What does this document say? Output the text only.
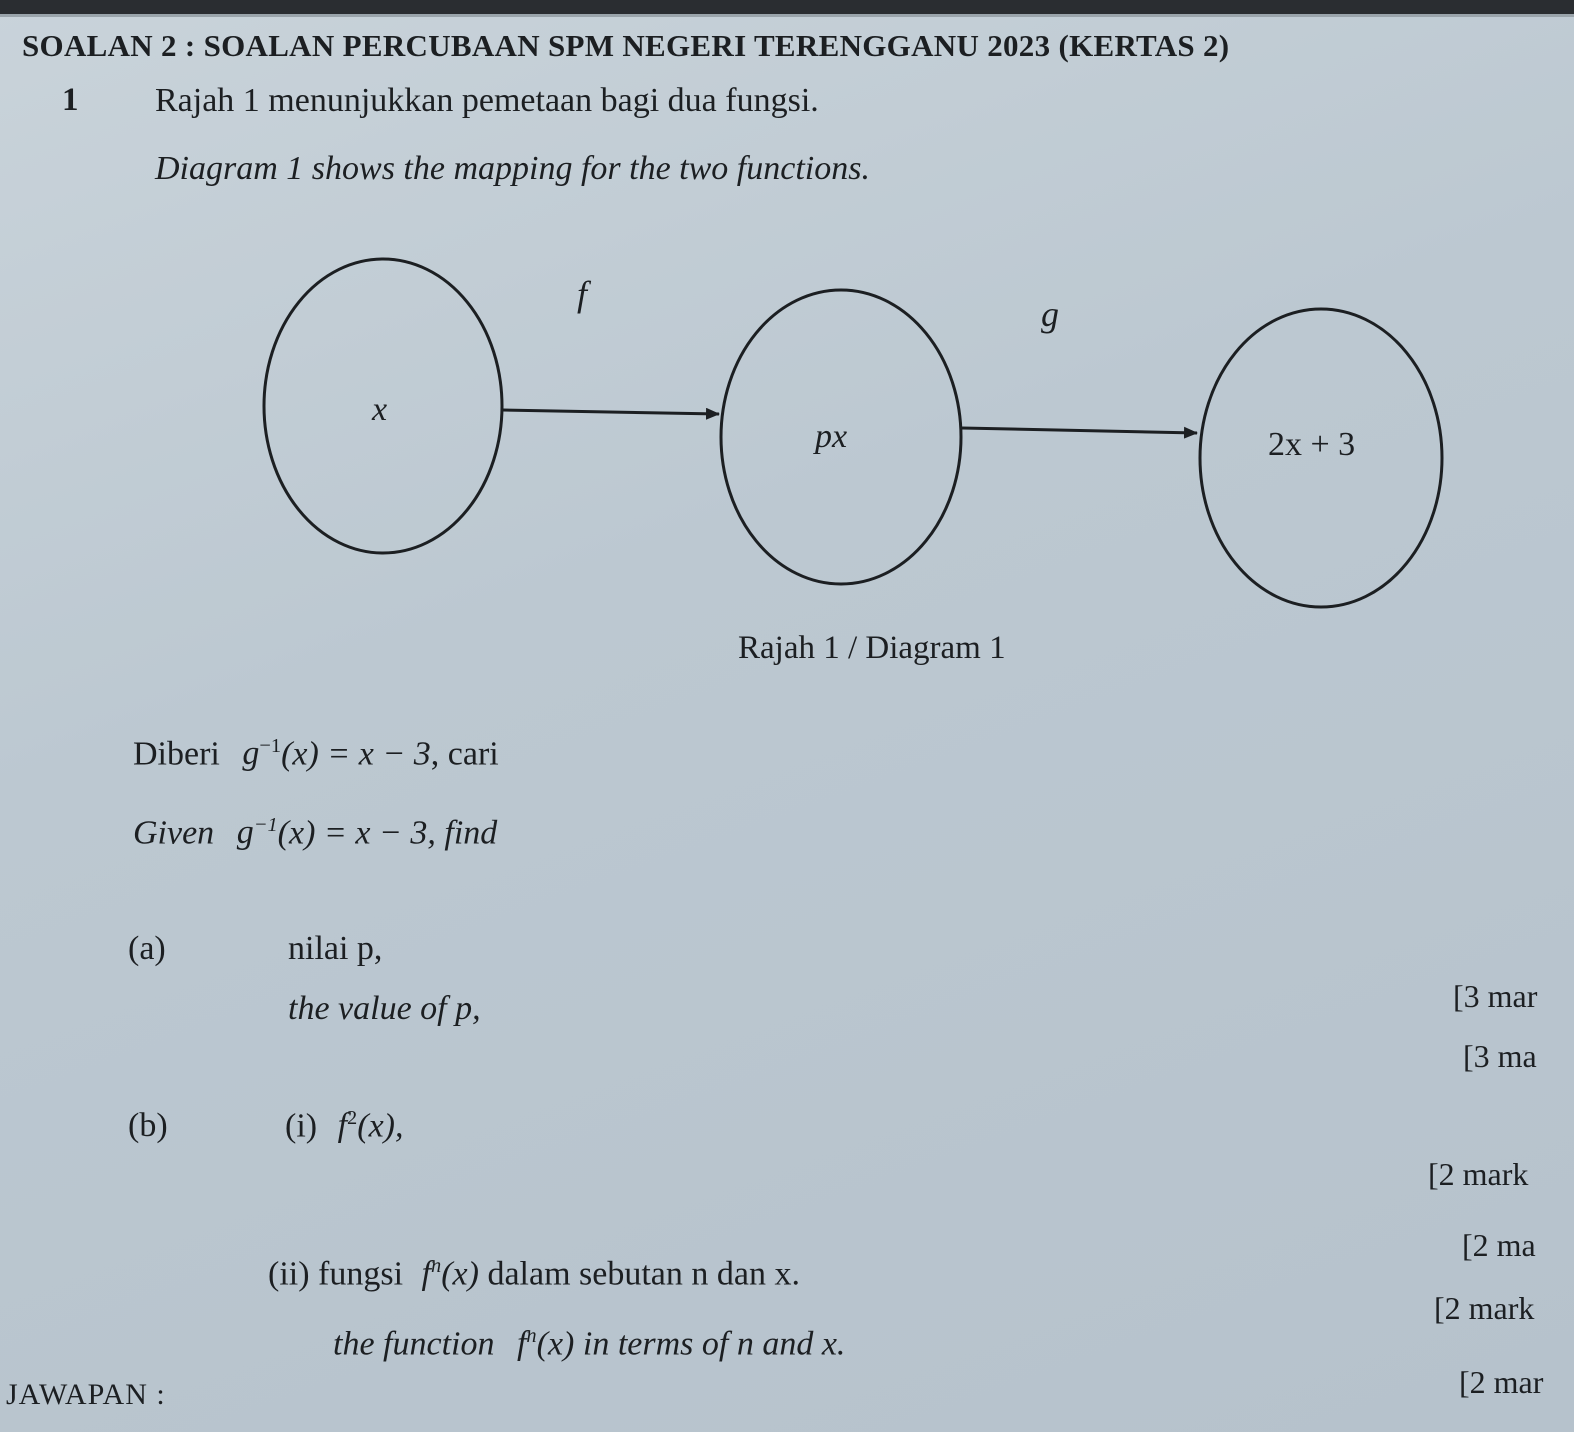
SOALAN 2 : SOALAN PERCUBAAN SPM NEGERI TERENGGANU 2023 (KERTAS 2)
1 Rajah 1 menunjukkan pemetaan bagi dua fungsi.
Diagram 1 shows the mapping for the two functions.
f	g
x
px	2x + 3
Rajah 1 / Diagram 1
Diberi $g^{-1}(x) = x - 3$, cari
Given $g^{-1}(x) = x - 3$, find
(a)	nilai p,
the value of p,
(b)	(i) $f^2(x)$,
(ii) fungsi $f^n(x)$ dalam sebutan n dan x.
the function $f^n(x)$ in terms of n and x.
[3 mar
[3 ma
[2 mark
[2 ma
[2 mark
[2 mar
JAWAPAN :
